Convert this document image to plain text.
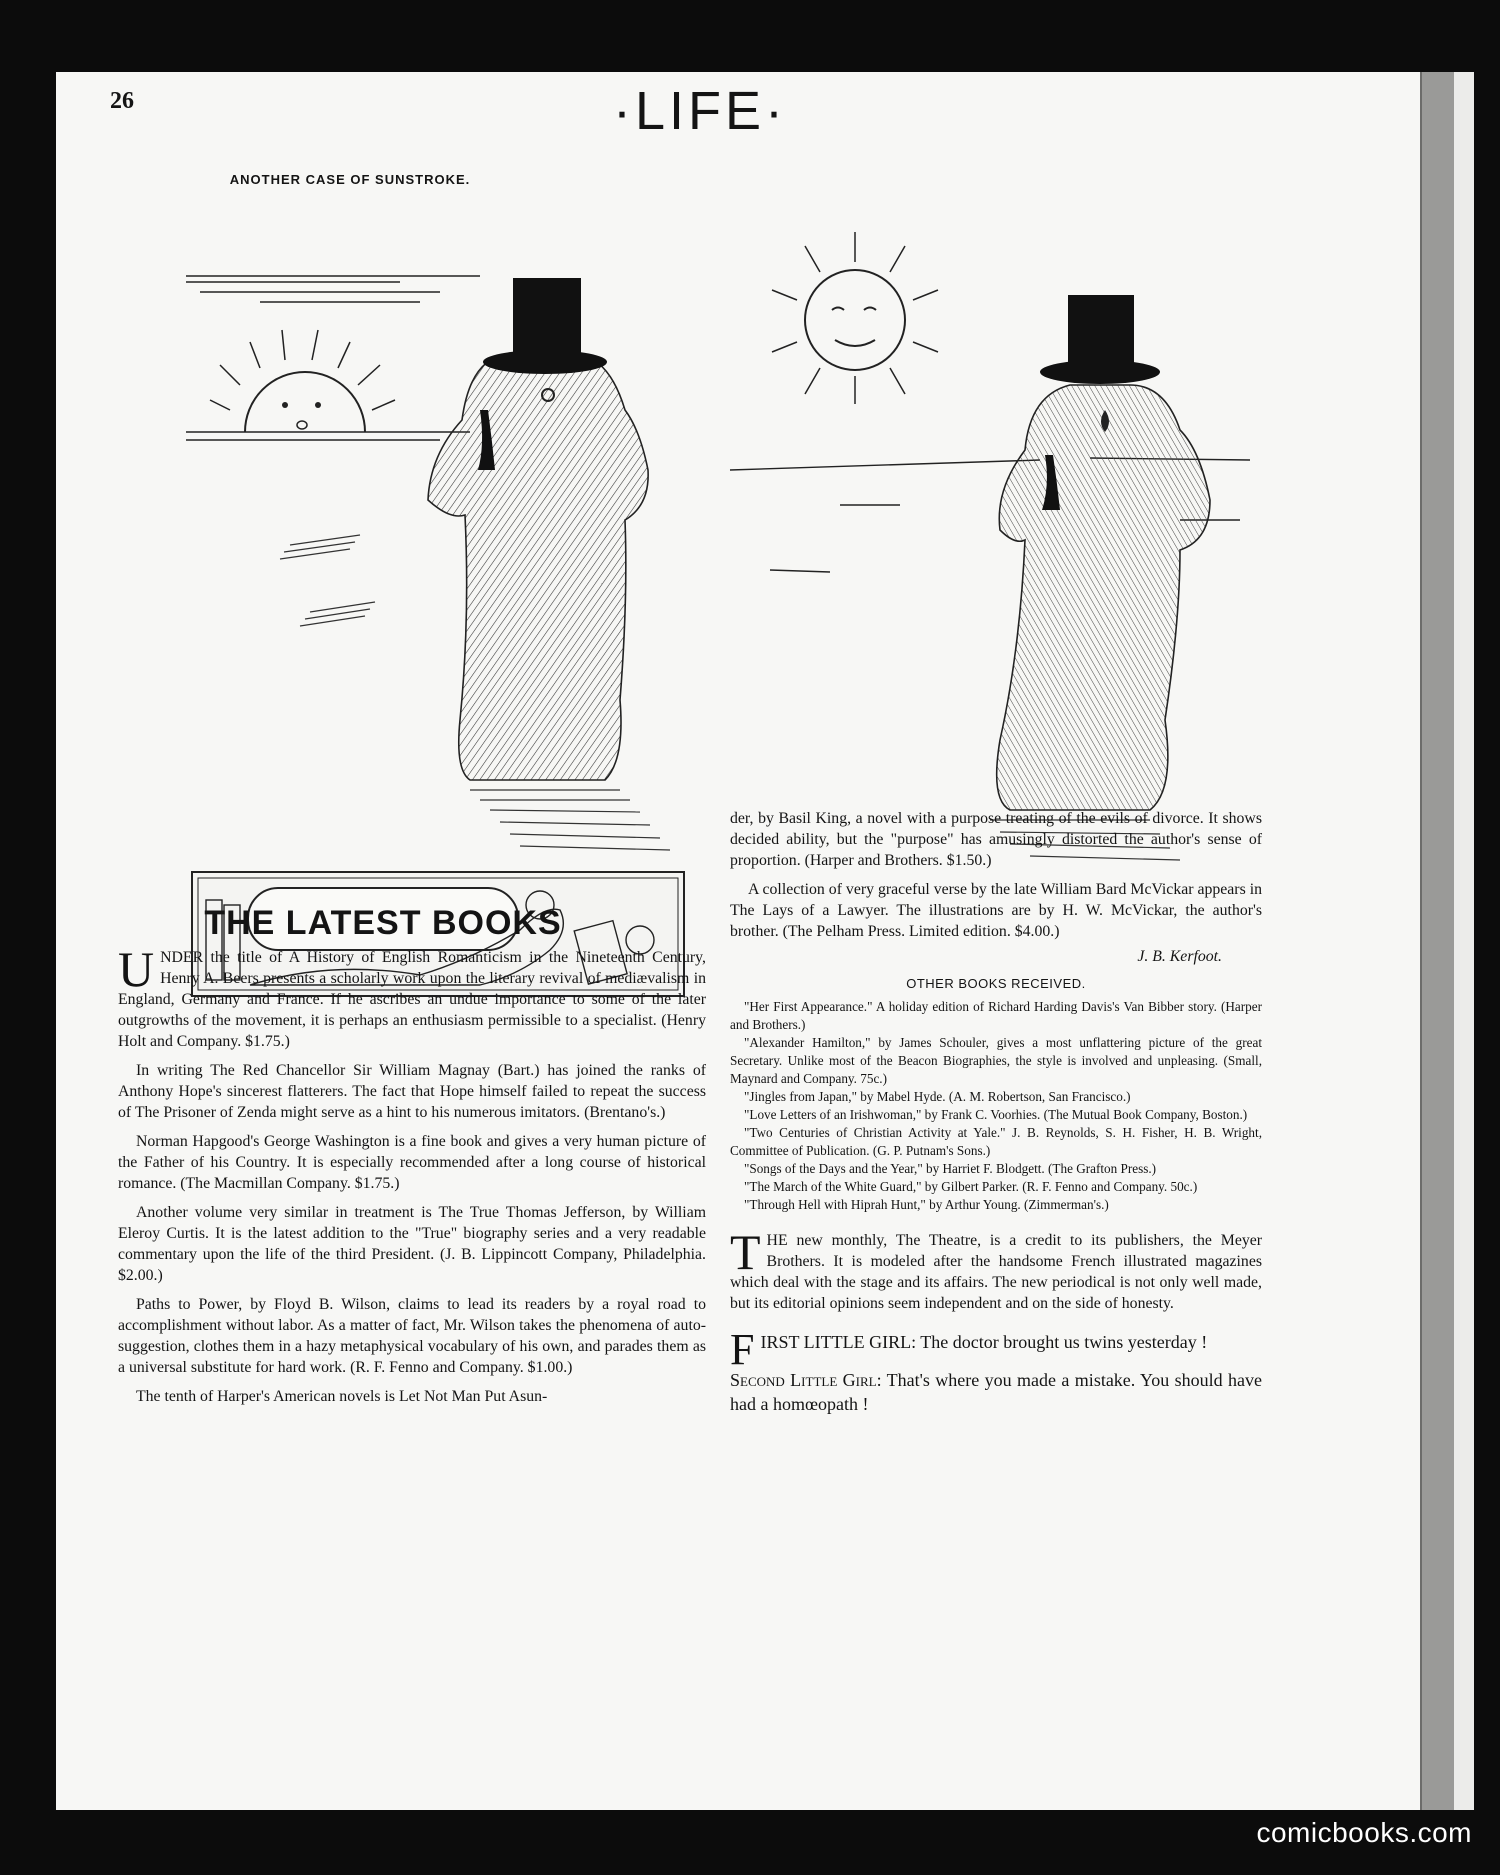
26	·LIFE·
ANOTHER CASE OF SUNSTROKE.
THE LATEST BOOKS

UNDER the title of A History of English Romanticism in the Nineteenth Century, Henry A. Beers presents a scholarly work upon the literary revival of mediævalism in England, Germany and France. If he ascribes an undue importance to some of the later outgrowths of the movement, it is perhaps an enthusiasm permissible to a specialist. (Henry Holt and Company. $1.75.)

In writing The Red Chancellor Sir William Magnay (Bart.) has joined the ranks of Anthony Hope's sincerest flatterers. The fact that Hope himself failed to repeat the success of The Prisoner of Zenda might serve as a hint to his numerous imitators. (Brentano's.)

Norman Hapgood's George Washington is a fine book and gives a very human picture of the Father of his Country. It is especially recommended after a long course of historical romance. (The Macmillan Company. $1.75.)

Another volume very similar in treatment is The True Thomas Jefferson, by William Eleroy Curtis. It is the latest addition to the "True" biography series and a very readable commentary upon the life of the third President. (J. B. Lippincott Company, Philadelphia. $2.00.)

Paths to Power, by Floyd B. Wilson, claims to lead its readers by a royal road to accomplishment without labor. As a matter of fact, Mr. Wilson takes the phenomena of auto-suggestion, clothes them in a hazy metaphysical vocabulary of his own, and parades them as a universal substitute for hard work. (R. F. Fenno and Company. $1.00.)

The tenth of Harper's American novels is Let Not Man Put Asun-

der, by Basil King, a novel with a purpose treating of the evils of divorce. It shows decided ability, but the "purpose" has amusingly distorted the author's sense of proportion. (Harper and Brothers. $1.50.)

A collection of very graceful verse by the late William Bard McVickar appears in The Lays of a Lawyer. The illustrations are by H. W. McVickar, the author's brother. (The Pelham Press. Limited edition. $4.00.)

J. B. Kerfoot.
OTHER BOOKS RECEIVED.
"Her First Appearance." A holiday edition of Richard Harding Davis's Van Bibber story. (Harper and Brothers.)
"Alexander Hamilton," by James Schouler, gives a most unflattering picture of the great Secretary. Unlike most of the Beacon Biographies, the style is involved and unpleasing. (Small, Maynard and Company. 75c.)
"Jingles from Japan," by Mabel Hyde. (A. M. Robertson, San Francisco.)
"Love Letters of an Irishwoman," by Frank C. Voorhies. (The Mutual Book Company, Boston.)
"Two Centuries of Christian Activity at Yale." J. B. Reynolds, S. H. Fisher, H. B. Wright, Committee of Publication. (G. P. Putnam's Sons.)
"Songs of the Days and the Year," by Harriet F. Blodgett. (The Grafton Press.)
"The March of the White Guard," by Gilbert Parker. (R. F. Fenno and Company. 50c.)
"Through Hell with Hiprah Hunt," by Arthur Young. (Zimmerman's.)

THE new monthly, The Theatre, is a credit to its publishers, the Meyer Brothers. It is modeled after the handsome French illustrated magazines which deal with the stage and its affairs. The new periodical is not only well made, but its editorial opinions seem independent and on the side of honesty.

FIRST LITTLE GIRL: The doctor brought us twins yesterday !

Second Little Girl: That's where you made a mistake. You should have had a homœopath !

comicbooks.com
